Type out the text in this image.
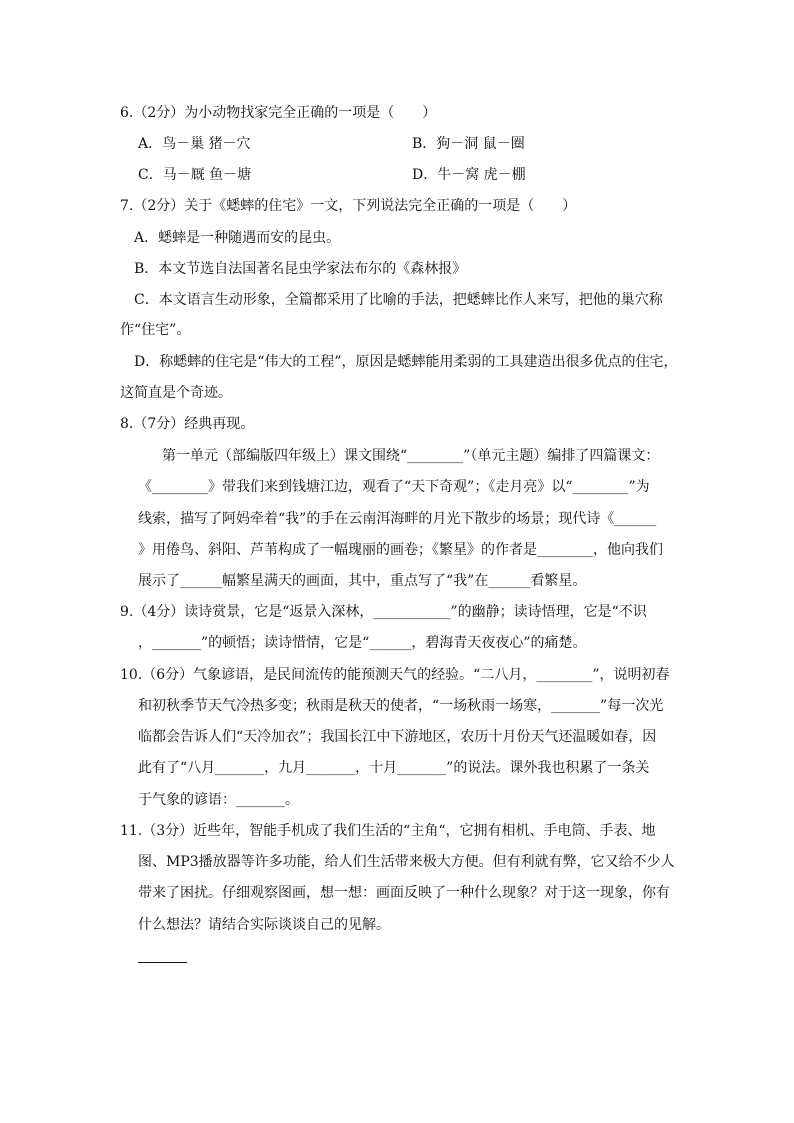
6.（2分）为小动物找家完全正确的一项是（　　）
A．鸟－巢 猪－穴	B．狗－洞 鼠－圈
C．马－厩 鱼－塘	D．牛－窝 虎－棚
7.（2分）关于《蟋蟀的住宅》一文，下列说法完全正确的一项是（　　）
A．蟋蟀是一种随遇而安的昆虫。
B．本文节选自法国著名昆虫学家法布尔的《森林报》
C．本文语言生动形象，全篇都采用了比喻的手法，把蟋蟀比作人来写，把他的巢穴称
作“住宅”。
D．称蟋蟀的住宅是“伟大的工程”，原因是蟋蟀能用柔弱的工具建造出很多优点的住宅，
这简直是个奇迹。
8.（7分）经典再现。
第一单元（部编版四年级上）课文围绕“________”（单元主题）编排了四篇课文：
《________》带我们来到钱塘江边，观看了“天下奇观”；《走月亮》以“________”为
线索，描写了阿妈牵着“我”的手在云南洱海畔的月光下散步的场景；现代诗《______
》用倦鸟、斜阳、芦苇构成了一幅瑰丽的画卷；《繁星》的作者是________，他向我们
展示了______幅繁星满天的画面，其中，重点写了“我”在______看繁星。
9.（4分）读诗赏景，它是“返景入深林，___________”的幽静；读诗悟理，它是“不识
，_______”的顿悟；读诗惜情，它是“______，碧海青天夜夜心”的痛楚。
10.（6分）气象谚语，是民间流传的能预测天气的经验。“二八月，________”，说明初春
和初秋季节天气冷热多变；秋雨是秋天的使者，“一场秋雨一场寒，_______”每一次光
临都会告诉人们“天冷加衣”；我国长江中下游地区，农历十月份天气还温暖如春，因
此有了“八月_______，九月_______，十月_______”的说法。课外我也积累了一条关
于气象的谚语：_______。
11.（3分）近些年，智能手机成了我们生活的“主角“，它拥有相机、手电筒、手表、地
图、MP3播放器等许多功能，给人们生活带来极大方便。但有利就有弊，它又给不少人
带来了困扰。仔细观察图画，想一想：画面反映了一种什么现象？对于这一现象，你有
什么想法？请结合实际谈谈自己的见解。
